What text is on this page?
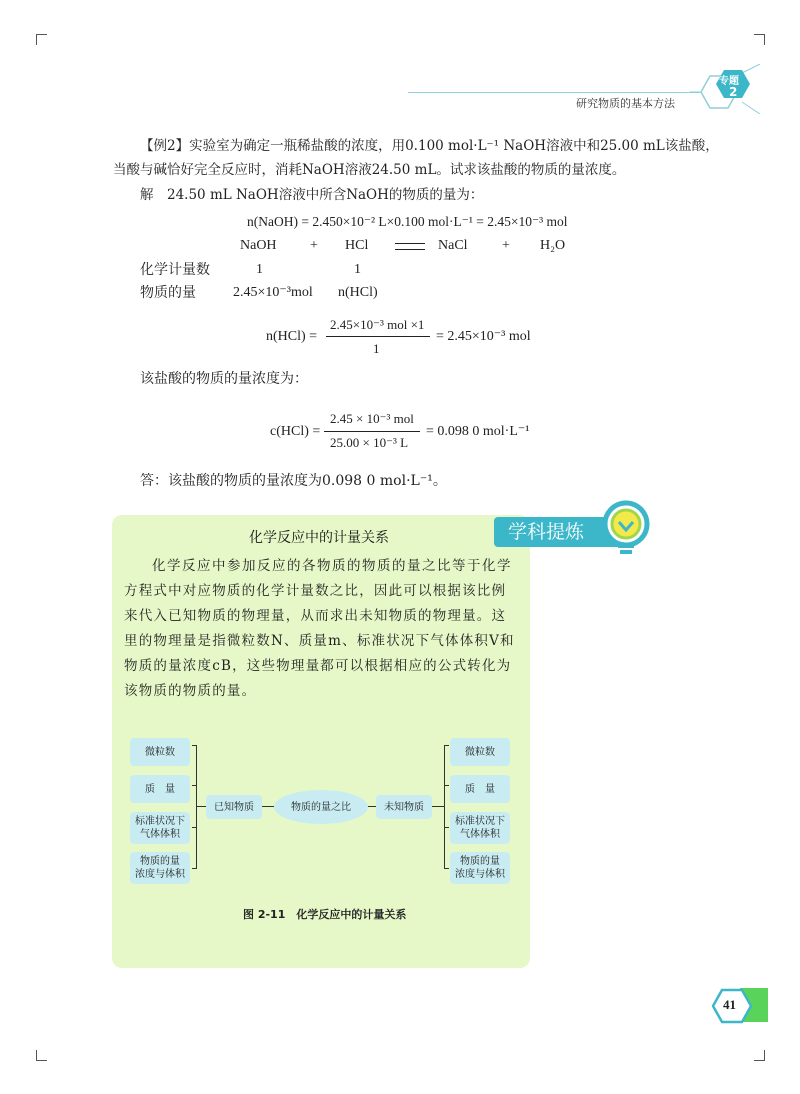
研究物质的基本方法
专题
2
【例2】实验室为确定一瓶稀盐酸的浓度，用0.100 mol·L⁻¹ NaOH溶液中和25.00 mL该盐酸，
当酸与碱恰好完全反应时，消耗NaOH溶液24.50 mL。试求该盐酸的物质的量浓度。
解　24.50 mL NaOH溶液中所含NaOH的物质的量为：
n(NaOH) = 2.450×10⁻² L×0.100 mol·L⁻¹ = 2.45×10⁻³ mol
NaOH + HCl	NaCl + H₂O
化学计量数	1	1
物质的量	2.45×10⁻³mol n(HCl)
n(HCl) =
2.45×10⁻³ mol ×1
1
= 2.45×10⁻³ mol
该盐酸的物质的量浓度为：
c(HCl) =
2.45 × 10⁻³ mol
25.00 × 10⁻³ L
= 0.098 0 mol·L⁻¹
答：该盐酸的物质的量浓度为0.098 0 mol·L⁻¹。
学科提炼
化学反应中的计量关系
化学反应中参加反应的各物质的物质的量之比等于化学
方程式中对应物质的化学计量数之比，因此可以根据该比例
来代入已知物质的物理量，从而求出未知物质的物理量。这
里的物理量是指微粒数N、质量m、标准状况下气体体积V和
物质的量浓度cB，这些物理量都可以根据相应的公式转化为
该物质的物质的量。
微粒数
质　量
标准状况下
气体体积
物质的量
浓度与体积
已知物质	物质的量之比	未知物质
微粒数
质　量
标准状况下
气体体积
物质的量
浓度与体积
图 2-11　化学反应中的计量关系
41
